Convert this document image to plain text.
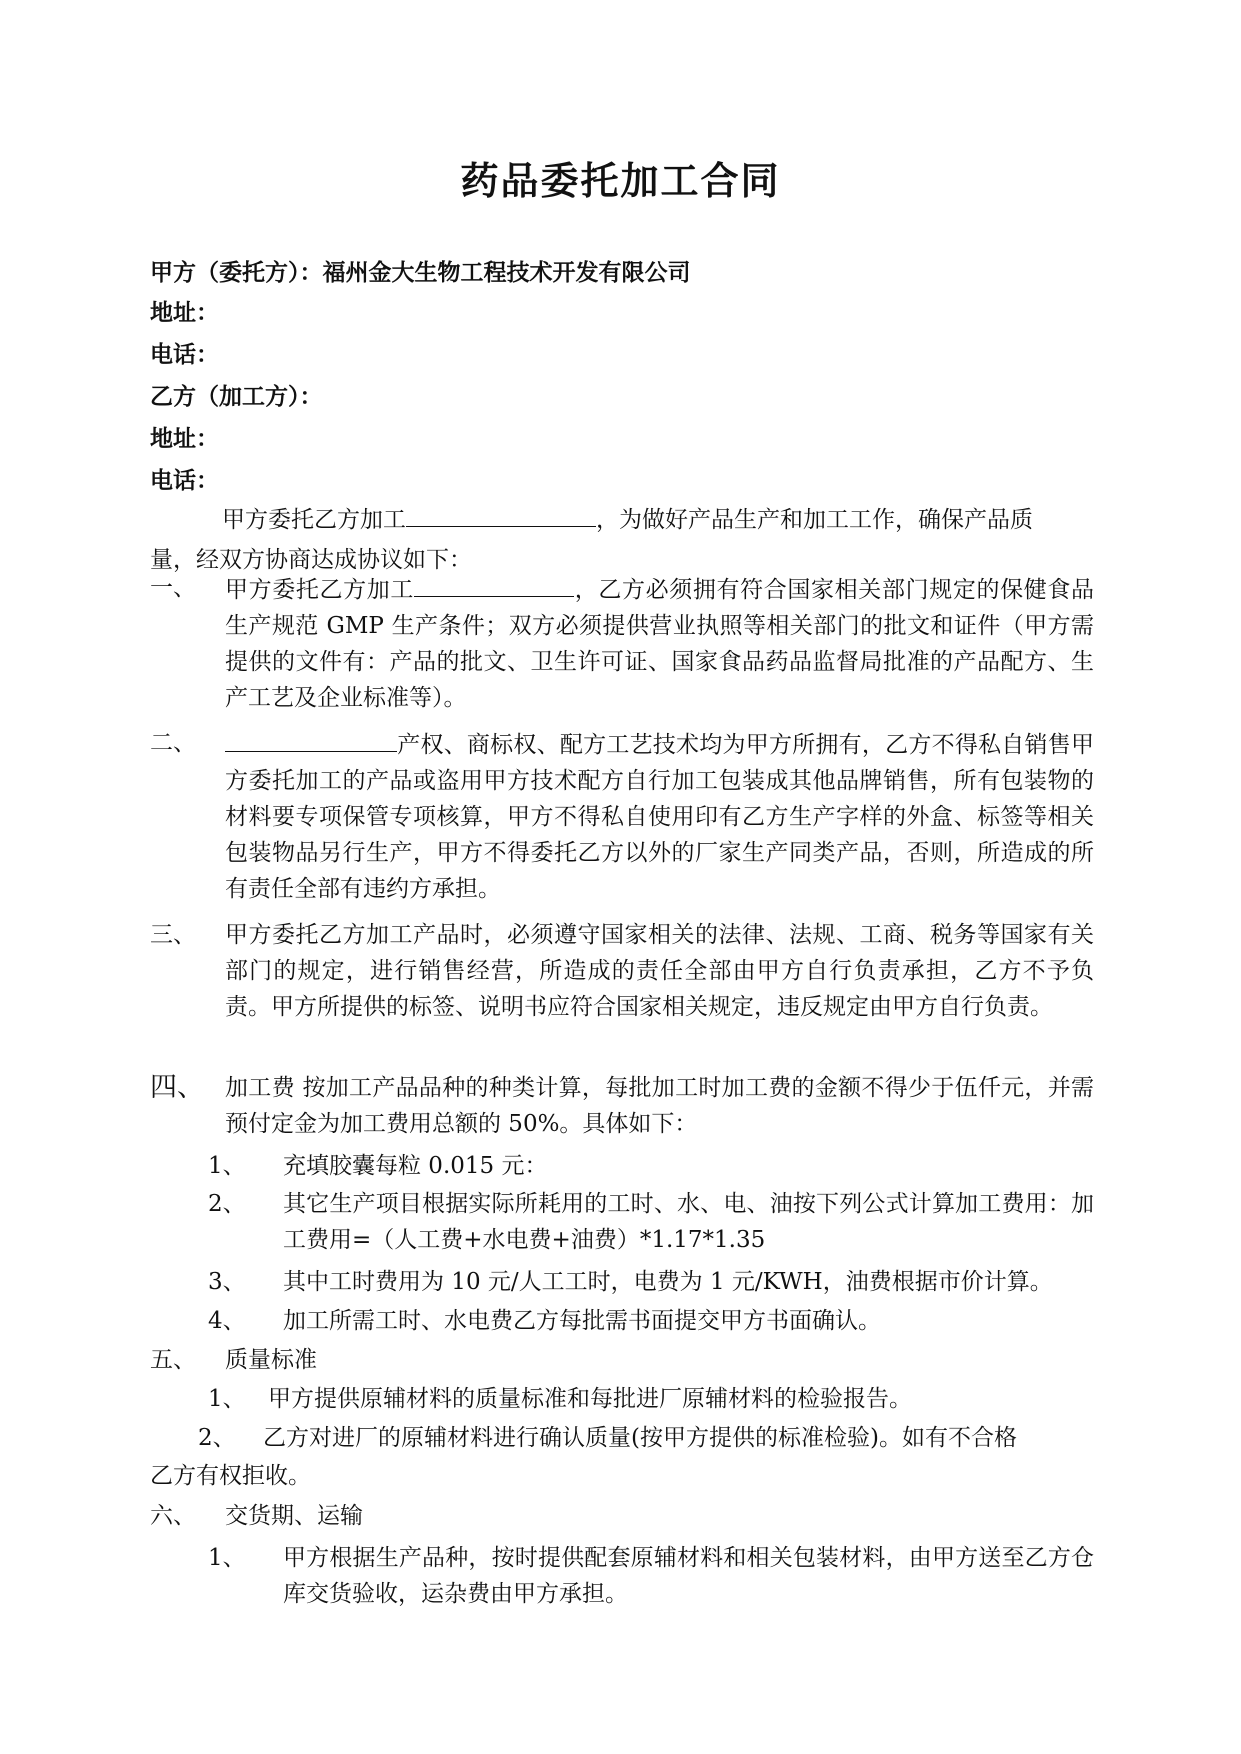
药品委托加工合同
甲方（委托方）：福州金大生物工程技术开发有限公司
地址：
电话：
乙方（加工方）：
地址：
电话：

甲方委托乙方加工	，为做好产品生产和加工工作，确保产品质

量，经双方协商达成协议如下：

一、 甲方委托乙方加工	，乙方必须拥有符合国家相关部门规定的保健食品生产规范 GMP 生产条件；双方必须提供营业执照等相关部门的批文和证件（甲方需提供的文件有：产品的批文、卫生许可证、国家食品药品监督局批准的产品配方、生产工艺及企业标准等）。
二、	产权、商标权、配方工艺技术均为甲方所拥有，乙方不得私自销售甲方委托加工的产品或盗用甲方技术配方自行加工包装成其他品牌销售，所有包装物的材料要专项保管专项核算，甲方不得私自使用印有乙方生产字样的外盒、标签等相关包装物品另行生产，甲方不得委托乙方以外的厂家生产同类产品，否则，所造成的所有责任全部有违约方承担。
三、 甲方委托乙方加工产品时，必须遵守国家相关的法律、法规、工商、税务等国家有关部门的规定，进行销售经营，所造成的责任全部由甲方自行负责承担，乙方不予负责。甲方所提供的标签、说明书应符合国家相关规定，违反规定由甲方自行负责。
四、 加工费 按加工产品品种的种类计算，每批加工时加工费的金额不得少于伍仟元，并需预付定金为加工费用总额的 50%。具体如下：
1、 充填胶囊每粒 0.015 元：
2、 其它生产项目根据实际所耗用的工时、水、电、油按下列公式计算加工费用：加工费用=（人工费+水电费+油费）*1.17*1.35
3、 其中工时费用为 10 元/人工工时，电费为 1 元/KWH，油费根据市价计算。
4、 加工所需工时、水电费乙方每批需书面提交甲方书面确认。
五、 质量标准
1、 甲方提供原辅材料的质量标准和每批进厂原辅材料的检验报告。
2、 乙方对进厂的原辅材料进行确认质量(按甲方提供的标准检验)。如有不合格
乙方有权拒收。
六、 交货期、运输
1、 甲方根据生产品种，按时提供配套原辅材料和相关包装材料，由甲方送至乙方仓库交货验收，运杂费由甲方承担。
